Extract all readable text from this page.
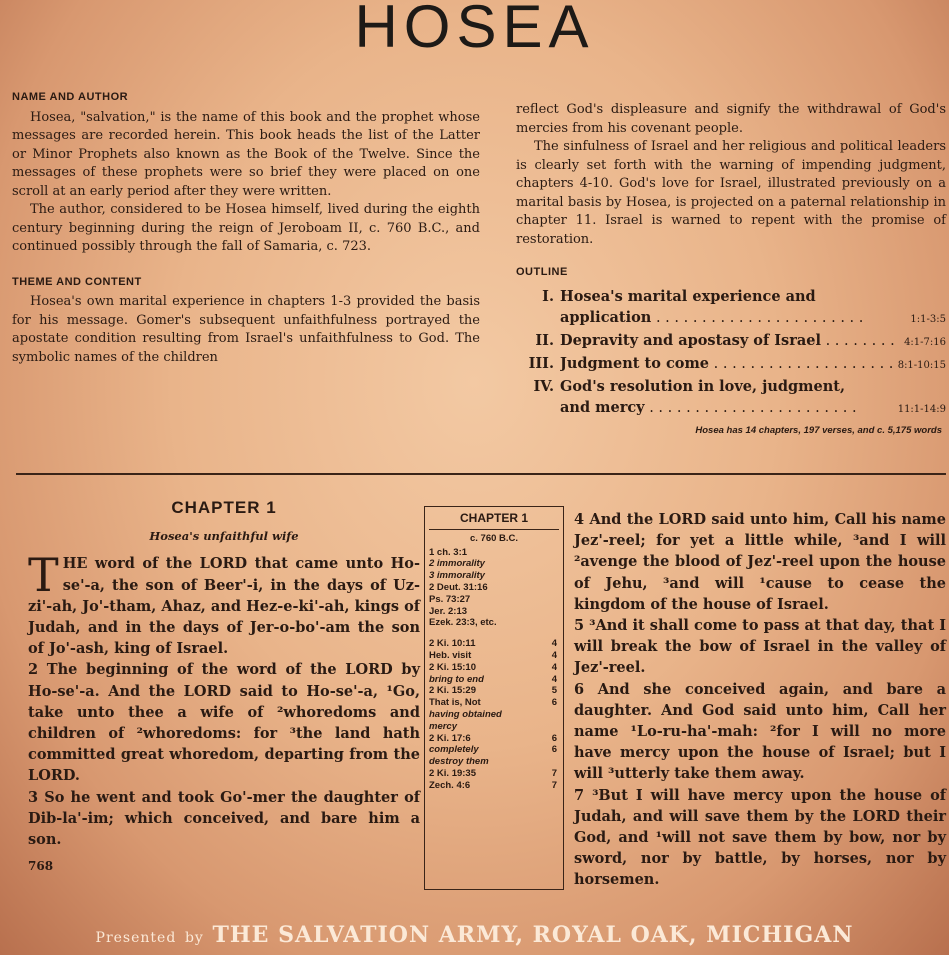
HOSEA
NAME AND AUTHOR

Hosea, "salvation," is the name of this book and the prophet whose messages are recorded herein. This book heads the list of the Latter or Minor Prophets also known as the Book of the Twelve. Since the messages of these prophets were so brief they were placed on one scroll at an early period after they were written.

The author, considered to be Hosea himself, lived during the eighth century beginning during the reign of Jeroboam II, c. 760 B.C., and continued possibly through the fall of Samaria, c. 723.

THEME AND CONTENT

Hosea's own marital experience in chapters 1-3 provided the basis for his message. Gomer's subsequent unfaithfulness portrayed the apostate condition resulting from Israel's unfaithfulness to God. The symbolic names of the children

reflect God's displeasure and signify the withdrawal of God's mercies from his covenant people.

The sinfulness of Israel and her religious and political leaders is clearly set forth with the warning of impending judgment, chapters 4-10. God's love for Israel, illustrated previously on a marital basis by Hosea, is projected on a paternal relationship in chapter 11. Israel is warned to repent with the promise of restoration.

OUTLINE
I. Hosea's marital experience and
application . . .	1:1-3:5
II. Depravity and apostasy of Israel . . .	4:1-7:16
III. Judgment to come . . .	8:1-10:15
IV. God's resolution in love, judgment,
and mercy . . .	11:1-14:9
Hosea has 14 chapters, 197 verses, and c. 5,175 words
CHAPTER 1
Hosea's unfaithful wife

THE word of the LORD that came unto Ho-se'-a, the son of Beer'-i, in the days of Uz-zi'-ah, Jo'-tham, Ahaz, and Hez-e-ki'-ah, kings of Judah, and in the days of Jer-o-bo'-am the son of Jo'-ash, king of Israel.

2 The beginning of the word of the LORD by Ho-se'-a. And the LORD said to Ho-se'-a, ¹Go, take unto thee a wife of ²whoredoms and children of ²whoredoms: for ³the land hath committed great whoredom, departing from the LORD.

3 So he went and took Go'-mer the daughter of Dib-la'-im; which conceived, and bare him a son.

768
CHAPTER 1
c. 760 B.C.
1 ch. 3:1
2 immorality
3 immorality
2 Deut. 31:16
Ps. 73:27
Jer. 2:13
Ezek. 23:3, etc.
2 Ki. 10:11	4
Heb. visit	4
2 Ki. 15:10	4
bring to end	4
2 Ki. 15:29	5
That is, Not	6
having obtained
mercy
2 Ki. 17:6	6
completely	6
destroy them
2 Ki. 19:35	7
Zech. 4:6	7

4 And the LORD said unto him, Call his name Jez'-reel; for yet a little while, ³and I will ²avenge the blood of Jez'-reel upon the house of Jehu, ³and will ¹cause to cease the kingdom of the house of Israel.

5 ³And it shall come to pass at that day, that I will break the bow of Israel in the valley of Jez'-reel.

6 And she conceived again, and bare a daughter. And God said unto him, Call her name ¹Lo-ru-ha'-mah: ²for I will no more have mercy upon the house of Israel; but I will ³utterly take them away.

7 ³But I will have mercy upon the house of Judah, and will save them by the LORD their God, and ¹will not save them by bow, nor by sword, nor by battle, by horses, nor by horsemen.

Presented by THE SALVATION ARMY, ROYAL OAK, MICHIGAN
